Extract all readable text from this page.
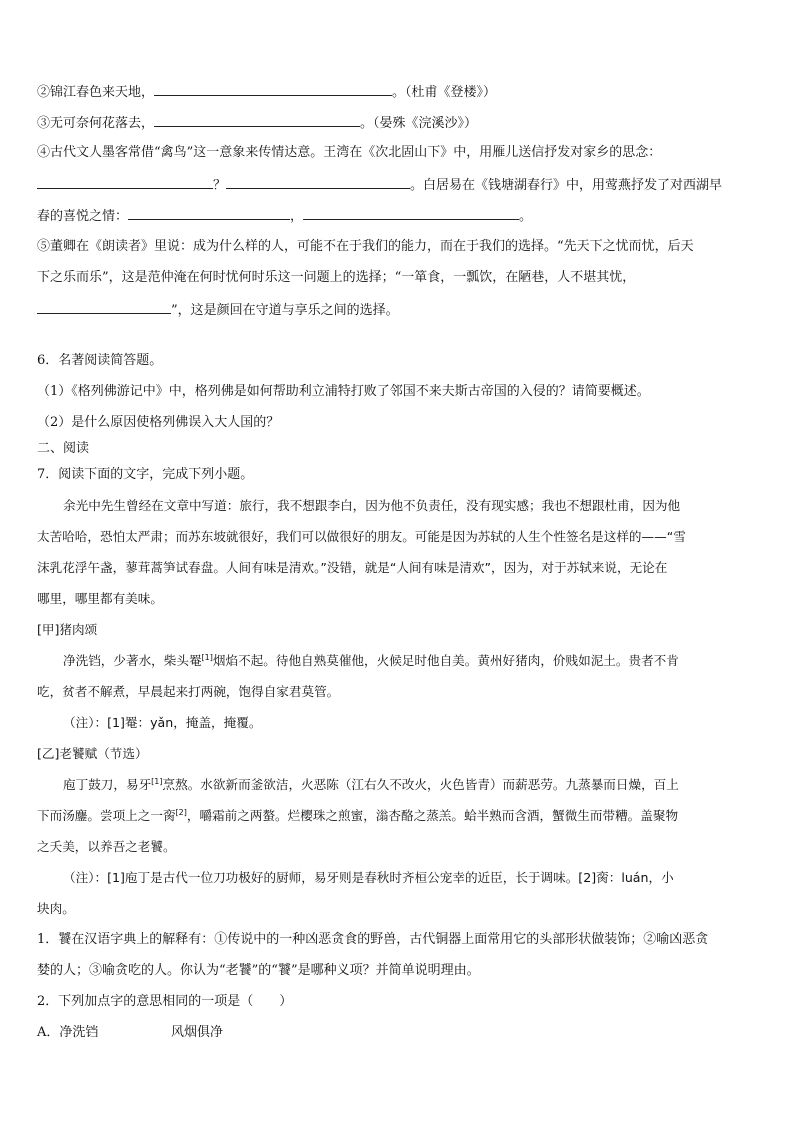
②锦江春色来天地，	。（杜甫《登楼》）
③无可奈何花落去，	。（晏殊《浣溪沙》）
④古代文人墨客常借“禽鸟”这一意象来传情达意。王湾在《次北固山下》中，用雁儿送信抒发对家乡的思念：
？	。白居易在《钱塘湖春行》中，用莺燕抒发了对西湖早
春的喜悦之情：	，	。
⑤董卿在《朗读者》里说：成为什么样的人，可能不在于我们的能力，而在于我们的选择。“先天下之忧而忧，后天
下之乐而乐”，这是范仲淹在何时忧何时乐这一问题上的选择；“一箪食，一瓢饮，在陋巷，人不堪其忧，
”，这是颜回在守道与享乐之间的选择。
6．名著阅读简答题。
（1）《格列佛游记中》中，格列佛是如何帮助利立浦特打败了邻国不来夫斯古帝国的入侵的？请简要概述。
（2）是什么原因使格列佛误入大人国的？
二、阅读
7．阅读下面的文字，完成下列小题。
余光中先生曾经在文章中写道：旅行，我不想跟李白，因为他不负责任，没有现实感；我也不想跟杜甫，因为他
太苦哈哈，恐怕太严肃；而苏东坡就很好，我们可以做很好的朋友。可能是因为苏轼的人生个性签名是这样的——“雪
沫乳花浮午盏，蓼茸蒿笋试春盘。人间有味是清欢。”没错，就是“人间有味是清欢”，因为，对于苏轼来说，无论在
哪里，哪里都有美味。
[甲]猪肉颂
净洗铛，少著水，柴头罨[1]烟焰不起。待他自熟莫催他，火候足时他自美。黄州好猪肉，价贱如泥土。贵者不肯
吃，贫者不解煮，早晨起来打两碗，饱得自家君莫管。
（注）：[1]罨：yǎn，掩盖，掩覆。
[乙]老饕赋（节选）
庖丁鼓刀，易牙[1]烹熬。水欲新而釜欲洁，火恶陈（江右久不改火，火色皆青）而薪恶劳。九蒸暴而日燥，百上
下而汤鏖。尝项上之一脔[2]，嚼霜前之两螯。烂樱珠之煎蜜，滃杏酪之蒸羔。蛤半熟而含酒，蟹微生而带糟。盖聚物
之夭美，以养吾之老饕。
（注）：[1]庖丁是古代一位刀功极好的厨师，易牙则是春秋时齐桓公宠幸的近臣，长于调味。[2]脔：luán，小
块肉。
1．饕在汉语字典上的解释有：①传说中的一种凶恶贪食的野兽，古代铜器上面常用它的头部形状做装饰；②喻凶恶贪
婪的人；③喻贪吃的人。你认为“老饕”的“饕”是哪种义项？并简单说明理由。
2．下列加点字的意思相同的一项是（　　）
A．净洗铛	风烟俱净
